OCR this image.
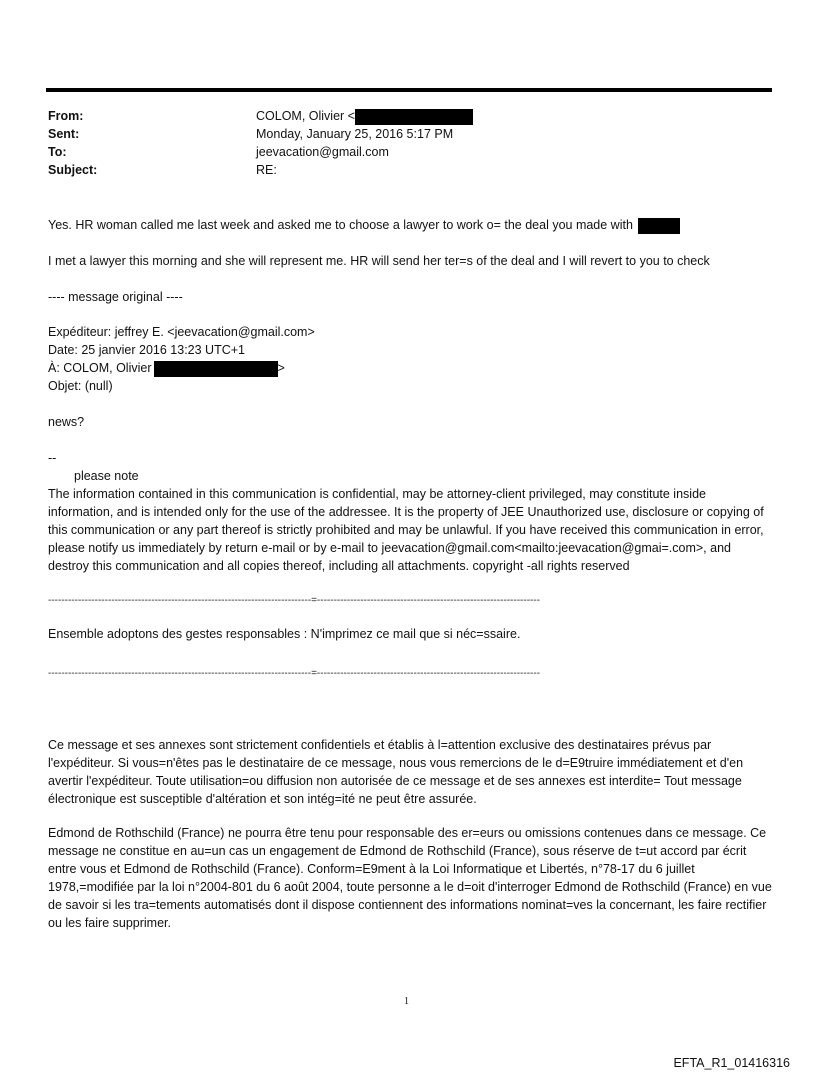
From:	COLOM, Olivier <
Sent:	Monday, January 25, 2016 5:17 PM
To:	jeevacation@gmail.com
Subject:	RE:
Yes. HR woman called me last week and asked me to choose a lawyer to work o= the deal you made with
I met a lawyer this morning and she will represent me. HR will send her ter=s of the deal and I will revert to you to check
---- message original ----
Expéditeur: jeffrey E. <jeevacation@gmail.com>
Date: 25 janvier 2016 13:23 UTC+1
À: COLOM, Olivier	>
Objet: (null)
news?
--
please note
The information contained in this communication is confidential, may be attorney-client privileged, may constitute inside information, and is intended only for the use of the addressee. It is the property of JEE Unauthorized use, disclosure or copying of this communication or any part thereof is strictly prohibited and may be unlawful. If you have received this communication in error, please notify us immediately by return e-mail or by e-mail to jeevacation@gmail.com<mailto:jeevacation@gmai=.com>, and destroy this communication and all copies thereof, including all attachments. copyright -all rights reserved
-------------------------------------------------------------------------------=-------------------------------------------------------------------
Ensemble adoptons des gestes responsables : N'imprimez ce mail que si néc=ssaire.
-------------------------------------------------------------------------------=-------------------------------------------------------------------
Ce message et ses annexes sont strictement confidentiels et établis à l=attention exclusive des destinataires prévus par l'expéditeur. Si vous=n'êtes pas le destinataire de ce message, nous vous remercions de le d=E9truire immédiatement et d'en avertir l'expéditeur. Toute utilisation=ou diffusion non autorisée de ce message et de ses annexes est interdite= Tout message électronique est susceptible d'altération et son intég=ité ne peut être assurée.
Edmond de Rothschild (France) ne pourra être tenu pour responsable des er=eurs ou omissions contenues dans ce message. Ce message ne constitue en au=un cas un engagement de Edmond de Rothschild (France), sous réserve de t=ut accord par écrit entre vous et Edmond de Rothschild (France). Conform=E9ment à la Loi Informatique et Libertés, n°78-17 du 6 juillet 1978,=modifiée par la loi n°2004-801 du 6 août 2004, toute personne a le d=oit d'interroger Edmond de Rothschild (France) en vue de savoir si les tra=tements automatisés dont il dispose contiennent des informations nominat=ves la concernant, les faire rectifier ou les faire supprimer.
1
EFTA_R1_01416316
